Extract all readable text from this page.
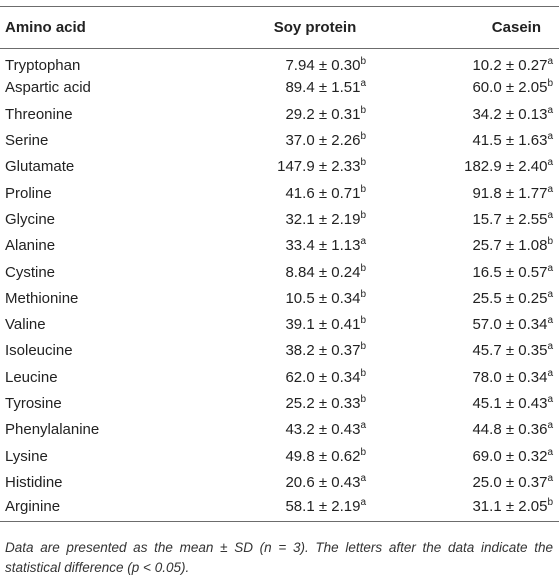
Amino acid	Soy protein	Casein
Tryptophan	7.94 ± 0.30$^b$	10.2 ± 0.27$^a$
Aspartic acid	89.4 ± 1.51$^a$	60.0 ± 2.05$^b$
Threonine	29.2 ± 0.31$^b$	34.2 ± 0.13$^a$
Serine	37.0 ± 2.26$^b$	41.5 ± 1.63$^a$
Glutamate	147.9 ± 2.33$^b$	182.9 ± 2.40$^a$
Proline	41.6 ± 0.71$^b$	91.8 ± 1.77$^a$
Glycine	32.1 ± 2.19$^b$	15.7 ± 2.55$^a$
Alanine	33.4 ± 1.13$^a$	25.7 ± 1.08$^b$
Cystine	8.84 ± 0.24$^b$	16.5 ± 0.57$^a$
Methionine	10.5 ± 0.34$^b$	25.5 ± 0.25$^a$
Valine	39.1 ± 0.41$^b$	57.0 ± 0.34$^a$
Isoleucine	38.2 ± 0.37$^b$	45.7 ± 0.35$^a$
Leucine	62.0 ± 0.34$^b$	78.0 ± 0.34$^a$
Tyrosine	25.2 ± 0.33$^b$	45.1 ± 0.43$^a$
Phenylalanine	43.2 ± 0.43$^a$	44.8 ± 0.36$^a$
Lysine	49.8 ± 0.62$^b$	69.0 ± 0.32$^a$
Histidine	20.6 ± 0.43$^a$	25.0 ± 0.37$^a$
Arginine	58.1 ± 2.19$^a$	31.1 ± 2.05$^b$
Data are presented as the mean ± SD (n = 3). The letters after the data indicate the statistical difference (p < 0.05).
